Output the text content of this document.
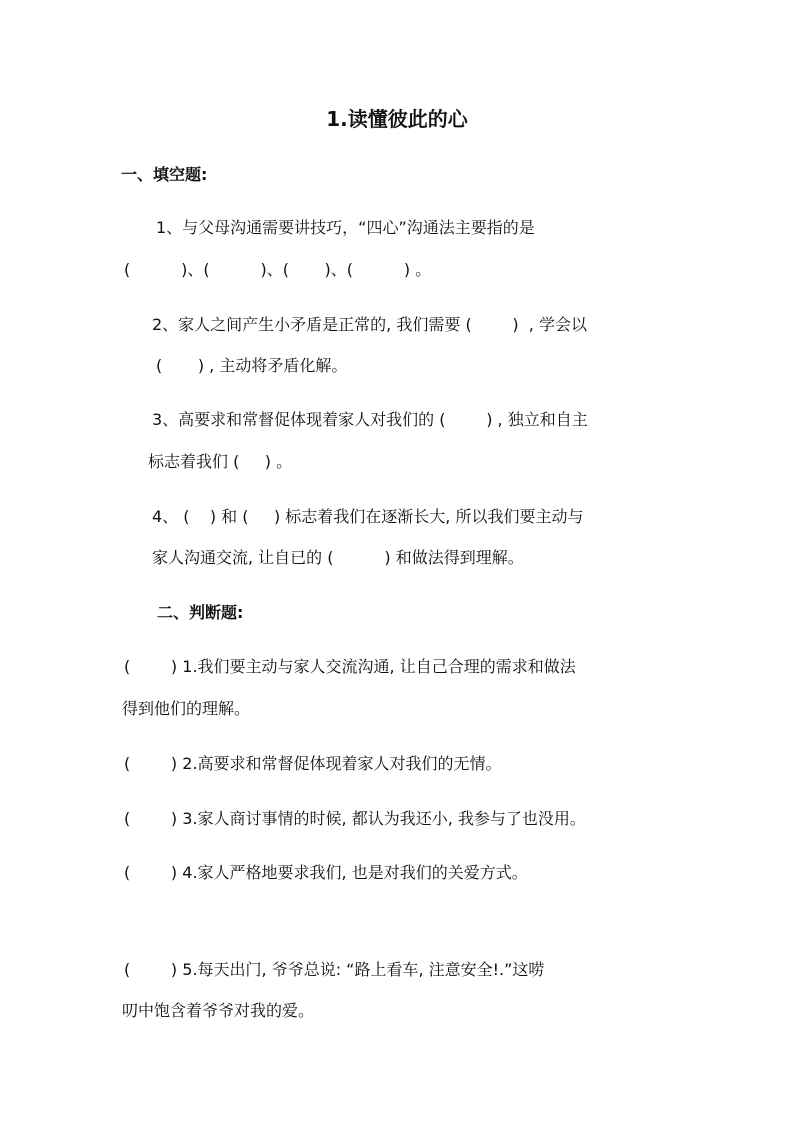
1.读懂彼此的心
一、填空题:
1、与父母沟通需要讲技巧，“四心”沟通法主要指的是
(          )、(          )、(       )、(          ) 。
2、家人之间产生小矛盾是正常的, 我们需要 (        )  , 学会以
(       ) , 主动将矛盾化解。
3、高要求和常督促体现着家人对我们的 (        ) , 独立和自主
标志着我们 (     ) 。
4、 (    ) 和 (     ) 标志着我们在逐渐长大, 所以我们要主动与
家人沟通交流, 让自已的 (          ) 和做法得到理解。
二、判断题:
(        ) 1.我们要主动与家人交流沟通, 让自己合理的需求和做法
得到他们的理解。
(        ) 2.高要求和常督促体现着家人对我们的无情。
(        ) 3.家人商讨事情的时候, 都认为我还小, 我参与了也没用。
(        ) 4.家人严格地要求我们, 也是对我们的关爱方式。
(        ) 5.每天出门, 爷爷总说: “路上看车, 注意安全!.”这唠
叨中饱含着爷爷对我的爱。
